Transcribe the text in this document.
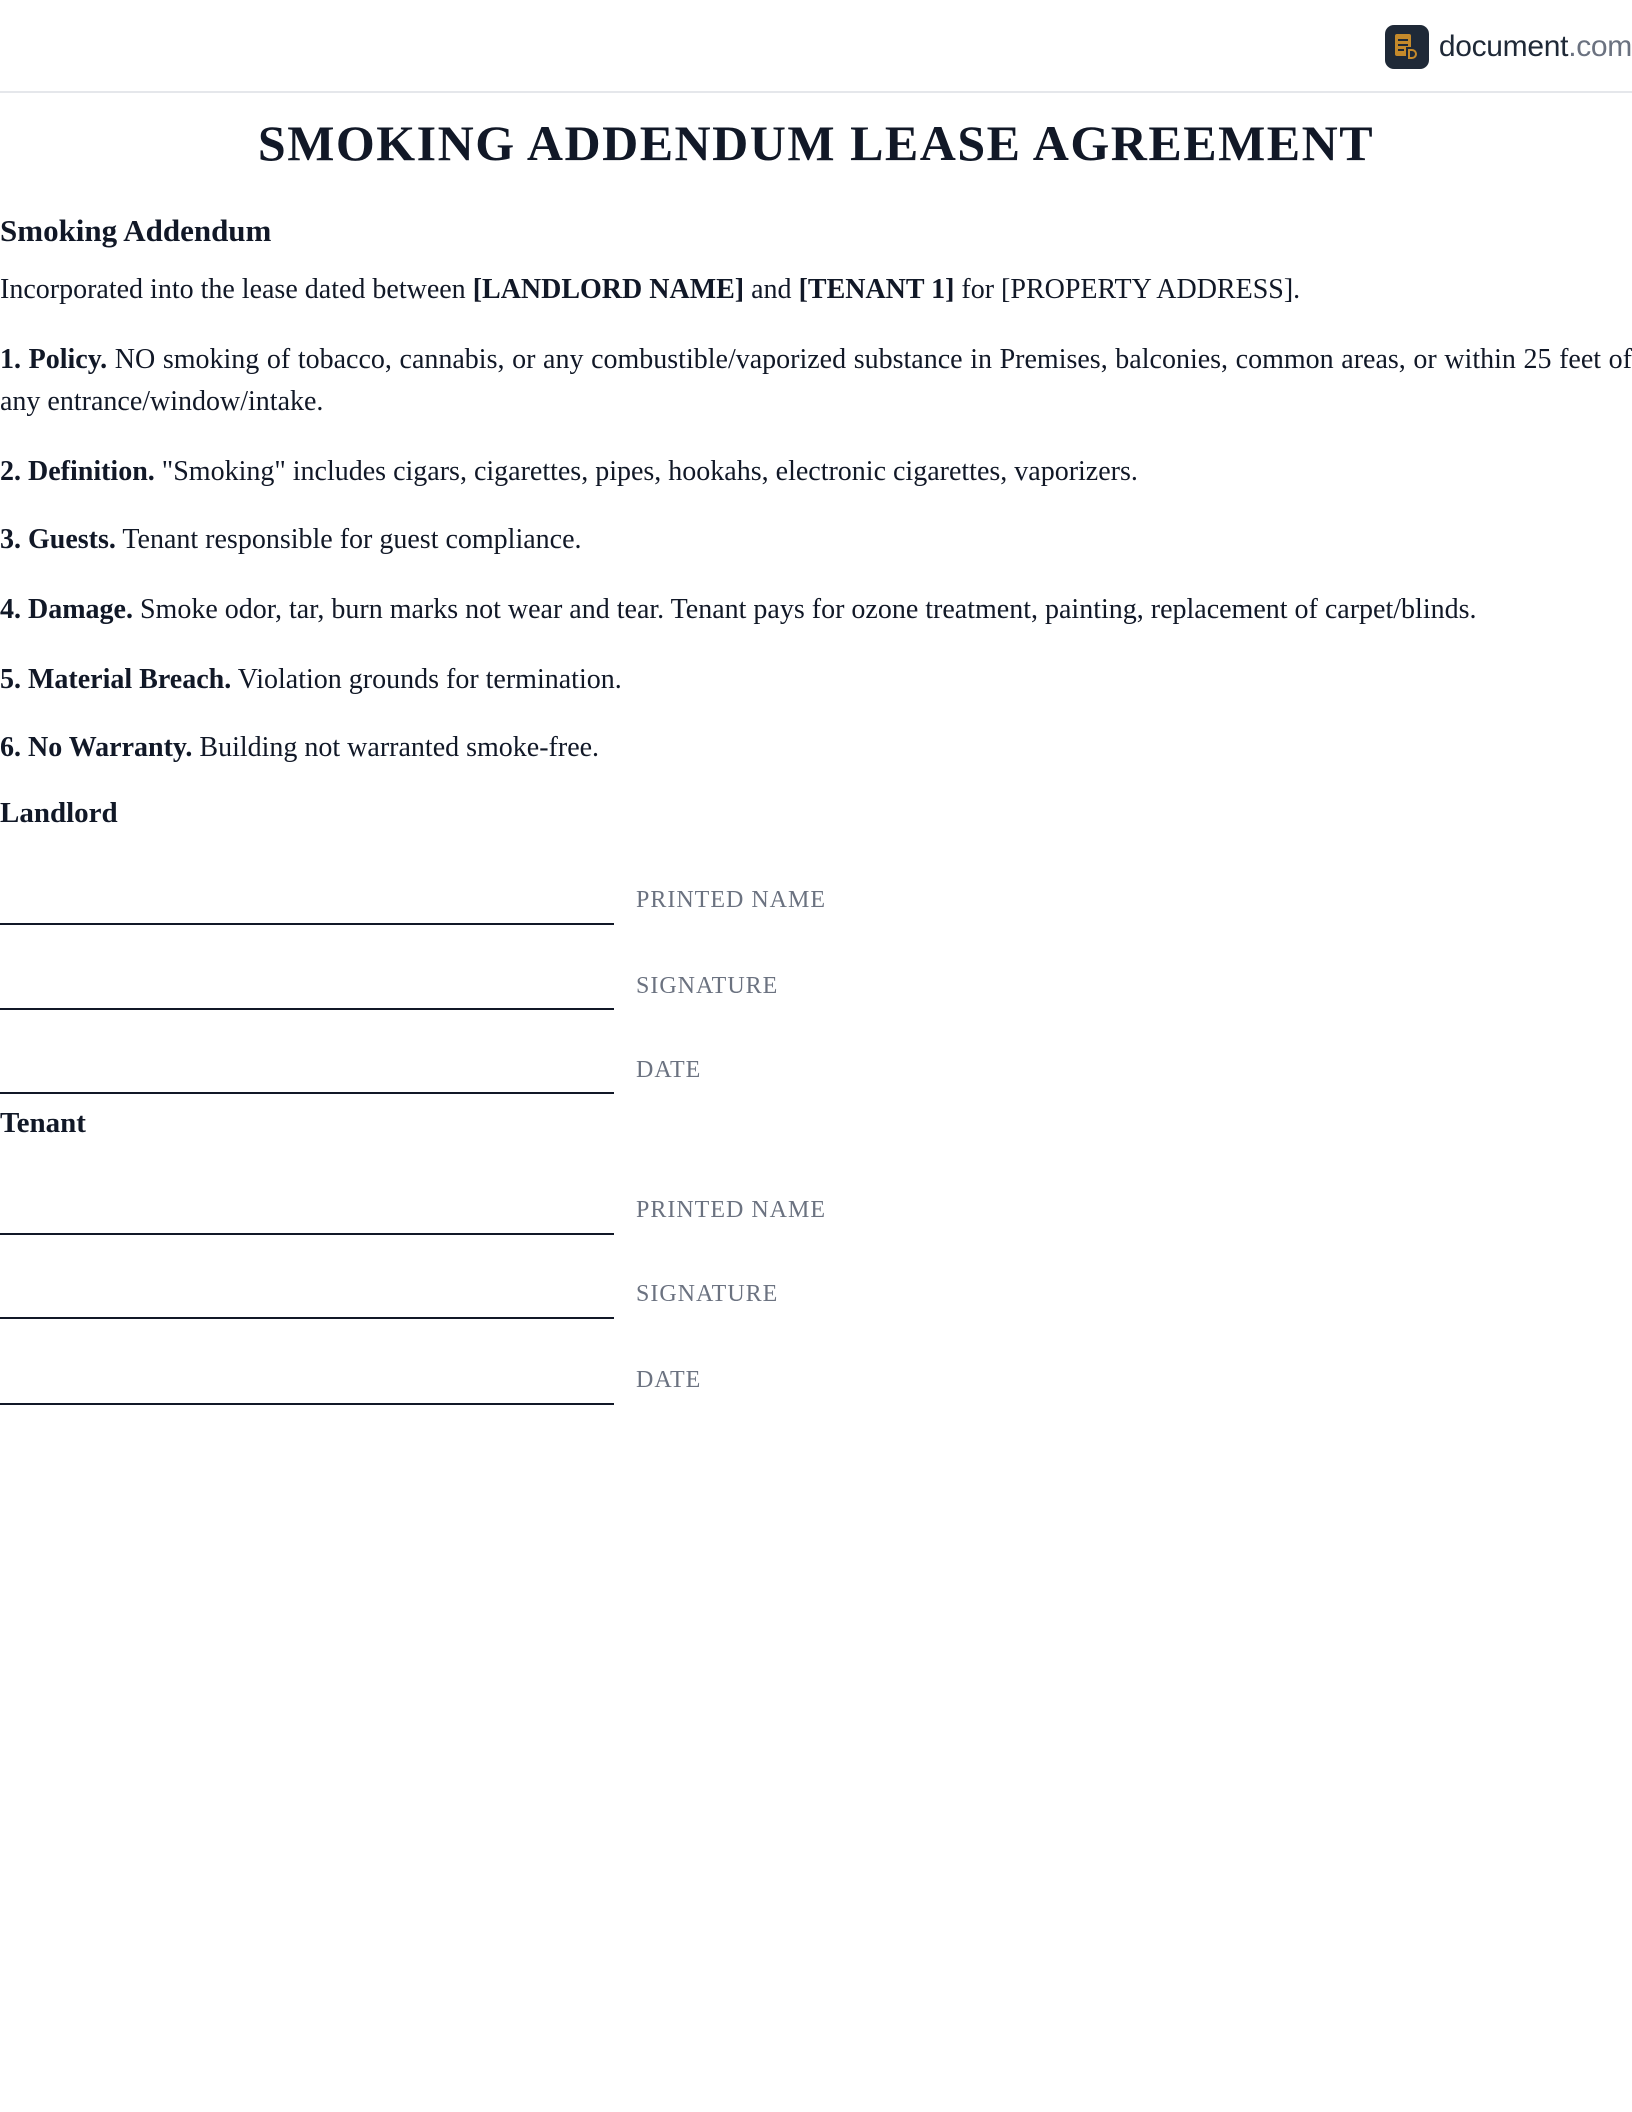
document.com
SMOKING ADDENDUM LEASE AGREEMENT
Smoking Addendum

Incorporated into the lease dated between [LANDLORD NAME] and [TENANT 1] for [PROPERTY ADDRESS].

1. Policy. NO smoking of tobacco, cannabis, or any combustible/vaporized substance in Premises, balconies, common areas, or within 25 feet of any entrance/window/intake.

2. Definition. "Smoking" includes cigars, cigarettes, pipes, hookahs, electronic cigarettes, vaporizers.

3. Guests. Tenant responsible for guest compliance.

4. Damage. Smoke odor, tar, burn marks not wear and tear. Tenant pays for ozone treatment, painting, replacement of carpet/blinds.

5. Material Breach. Violation grounds for termination.

6. No Warranty. Building not warranted smoke-free.

Landlord
PRINTED NAME
SIGNATURE
DATE
Tenant
PRINTED NAME
SIGNATURE
DATE
